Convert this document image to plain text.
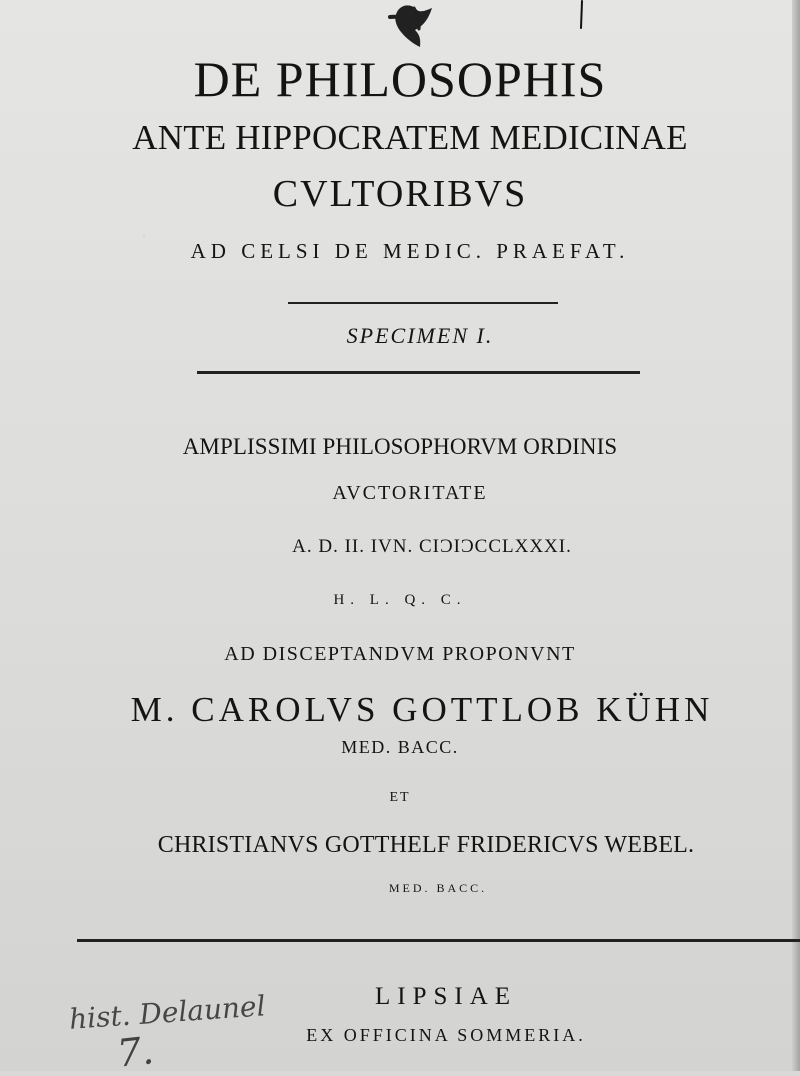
DE PHILOSOPHIS
ANTE HIPPOCRATEM MEDICINAE
CVLTORIBVS
AD CELSI DE MEDIC. PRAEFAT.
SPECIMEN I.
AMPLISSIMI PHILOSOPHORVM ORDINIS
AVCTORITATE
A. D. II. IVN. CIƆIƆCCLXXXI.
H. L. Q. C.
AD DISCEPTANDVM PROPONVNT
M. CAROLVS GOTTLOB KÜHN
MED. BACC.
ET
CHRISTIANVS GOTTHELF FRIDERICVS WEBEL.
MED. BACC.
LIPSIAE
EX OFFICINA SOMMERIA.
hist. Delaunel
7.
